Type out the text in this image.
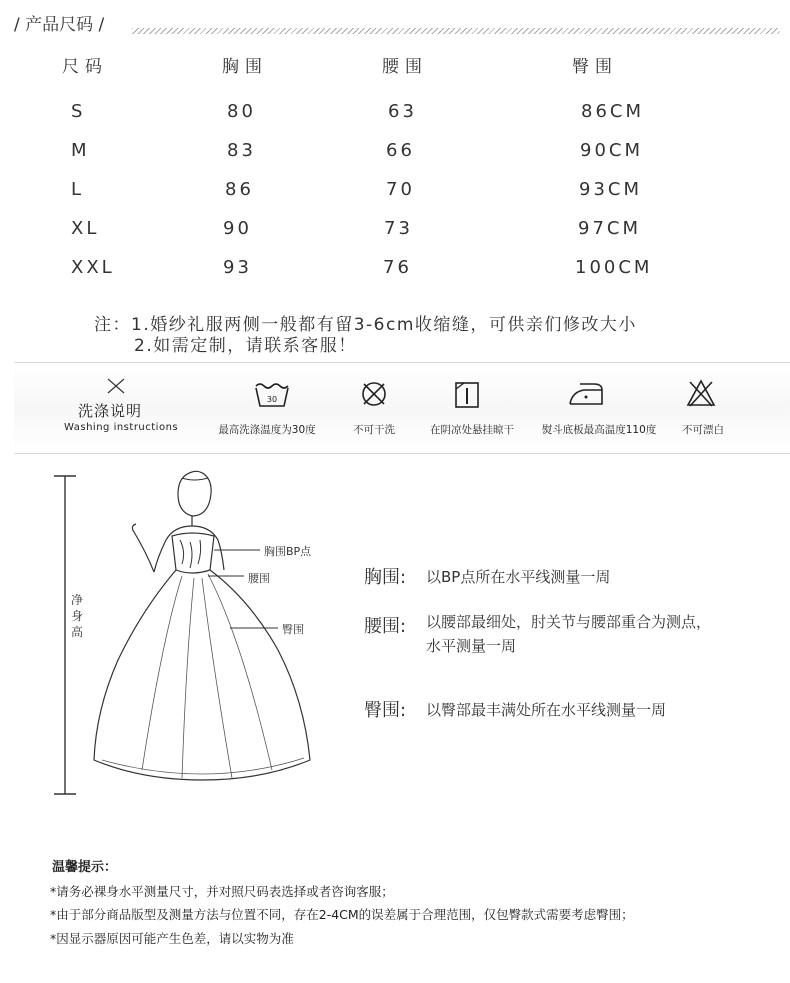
/ 产品尺码 /
尺码	胸围	腰围	臀围
S	80	63	86CM
M	83	66	90CM
L	86	70	93CM
XL	90	73	97CM
XXL	93	76	100CM
注：1.婚纱礼服两侧一般都有留3-6cm收缩缝，可供亲们修改大小
2.如需定制，请联系客服！
洗涤说明
Washing instructions
30
最高洗涤温度为30度	不可干洗	在阴凉处悬挂晾干	熨斗底板最高温度110度 不可漂白
净身高
胸围BP点
腰围
臀围
胸围: 以BP点所在水平线测量一周
腰围: 以腰部最细处，肘关节与腰部重合为测点，水平测量一周
臀围: 以臀部最丰满处所在水平线测量一周
温馨提示：
*请务必裸身水平测量尺寸，并对照尺码表选择或者咨询客服；
*由于部分商品版型及测量方法与位置不同，存在2-4CM的误差属于合理范围，仅包臀款式需要考虑臀围；
*因显示器原因可能产生色差，请以实物为准
